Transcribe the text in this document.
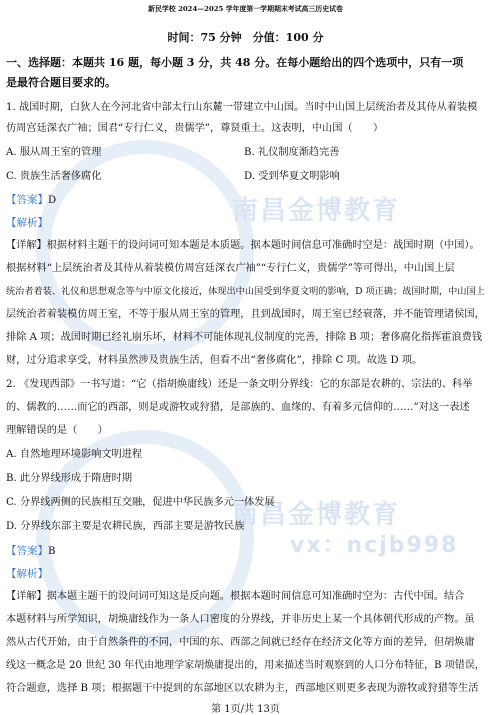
南昌金博教育
南昌金博教育
vx：ncjb998
新民学校 2024—2025 学年度第一学期期末考试高三历史试卷
时间：75 分钟　分值：100 分
一、选择题：本题共 16 题，每小题 3 分，共 48 分。在每小题给出的四个选项中，只有一项
是最符合题目要求的。
1. 战国时期，白狄人在今河北省中部太行山东麓一带建立中山国。当时中山国上层统治者及其侍从着装模
仿周宫廷深衣广袖；国君“专行仁义，贵儒学”，尊贤重士。这表明，中山国（　　）
A. 服从周王室的管理	B. 礼仪制度渐趋完善
C. 贵族生活奢侈腐化	D. 受到华夏文明影响
【答案】D
【解析】
【详解】根据材料主题干的设问词可知本题是本质题。据本题时间信息可准确时空是：战国时期（中国）。
根据材料“上层统治者及其侍从着装模仿周宫廷深衣广袖”“专行仁义，贵儒学”等可得出，中山国上层
统治者着装、礼仪和思想观念等与中原文化接近，体现出中山国受到华夏文明的影响，D 项正确；战国时期，中山国上
层统治者着装模仿周王室，不等于服从周王室的管理，且到战国时，周王室已经衰落，并不能管理诸侯国，
排除 A 项；战国时期已经礼崩乐坏，材料不可能体现礼仪制度的完善，排除 B 项；奢侈腐化指挥霍浪费钱
财，过分追求享受，材料虽然涉及贵族生活，但看不出“奢侈腐化”，排除 C 项。故选 D 项。
2. 《发现西部》一书写道：“它（指胡焕庸线）还是一条文明分界线：它的东部是农耕的、宗法的、科举
的、儒教的……而它的西部，则是或游牧或狩猎，是部族的、血缘的、有着多元信仰的……”对这一表述
理解错误的是（　　）
A. 自然地理环境影响文明进程
B. 此分界线形成于隋唐时期
C. 分界线两侧的民族相互交融，促进中华民族多元一体发展
D. 分界线东部主要是农耕民族，西部主要是游牧民族
【答案】B
【解析】
【详解】据本题主题干的设问词可知这是反向题。根据本题时间信息可知准确时空为：古代中国。结合
本题材料与所学知识，胡焕庸线作为一条人口密度的分界线，并非历史上某一个具体朝代形成的产物。虽
然从古代开始，由于自然条件的不同，中国的东、西部之间就已经存在经济文化等方面的差异，但胡焕庸
线这一概念是 20 世纪 30 年代由地理学家胡焕庸提出的，用来描述当时观察到的人口分布特征，B 项错误，
符合题意，选择 B 项；根据题干中提到的东部地区以农耕为主，西部地区则更多表现为游牧或狩猎等生活
第 1页/共 13页
